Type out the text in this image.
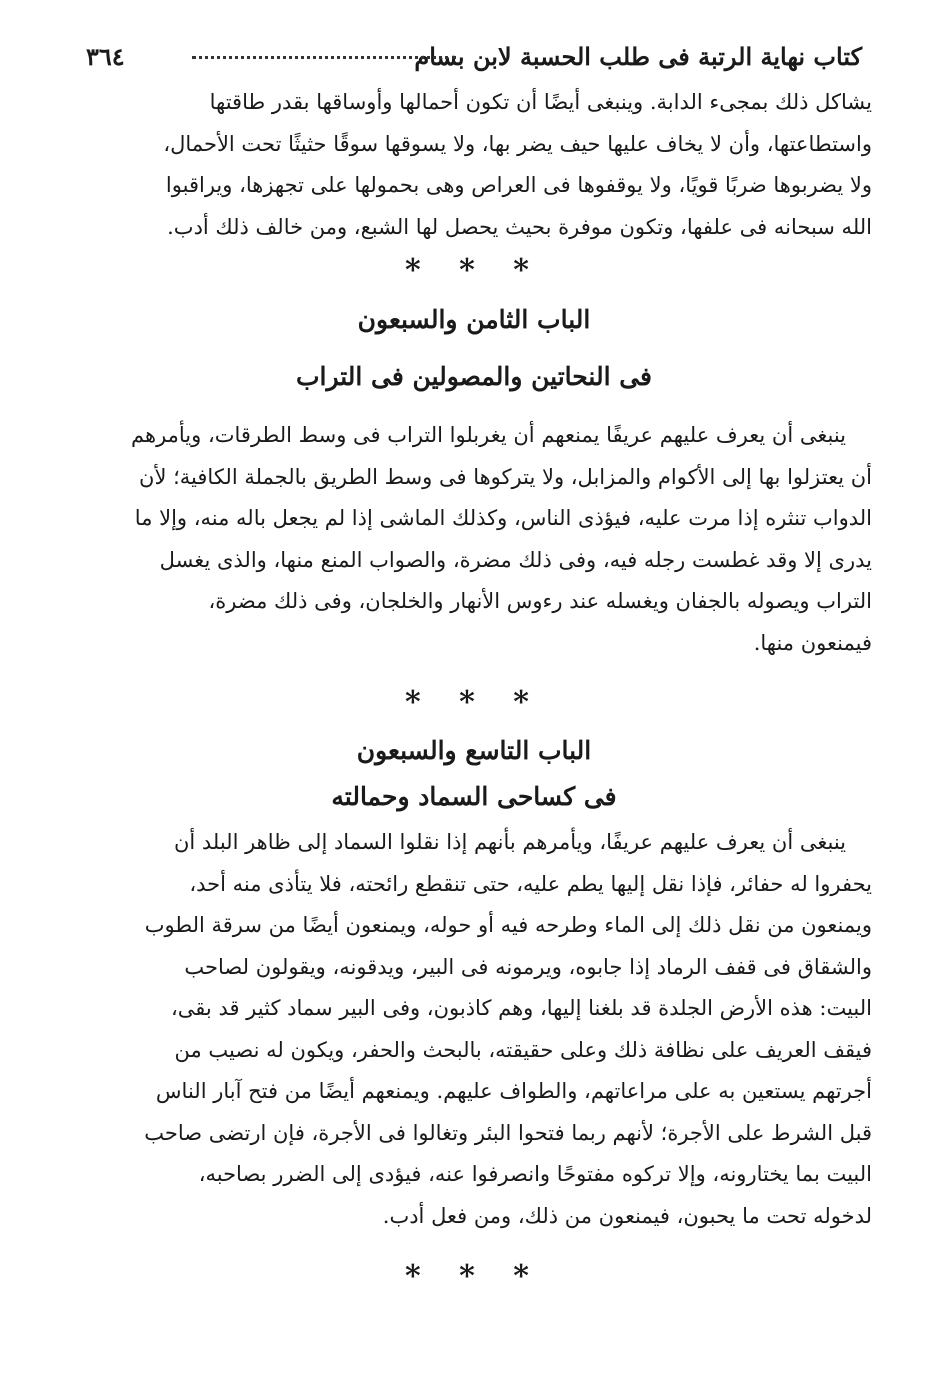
كتاب نهاية الرتبة فى طلب الحسبة لابن بسام
٣٦٤

يشاكل ذلك بمجىء الدابة. وينبغى أيضًا أن تكون أحمالها وأوساقها بقدر طاقتها

واستطاعتها، وأن لا يخاف عليها حيف يضر بها، ولا يسوقها سوقًا حثيثًا تحت الأحمال،

ولا يضربوها ضربًا قويًا، ولا يوقفوها فى العراص وهى بحمولها على تجهزها، ويراقبوا

الله سبحانه فى علفها، وتكون موفرة بحيث يحصل لها الشبع، ومن خالف ذلك أدب.

* * *
الباب الثامن والسبعون
فى النحاتين والمصولين فى التراب

ينبغى أن يعرف عليهم عريفًا يمنعهم أن يغربلوا التراب فى وسط الطرقات، ويأمرهم

أن يعتزلوا بها إلى الأكوام والمزابل، ولا يتركوها فى وسط الطريق بالجملة الكافية؛ لأن

الدواب تنثره إذا مرت عليه، فيؤذى الناس، وكذلك الماشى إذا لم يجعل باله منه، وإلا ما

يدرى إلا وقد غطست رجله فيه، وفى ذلك مضرة، والصواب المنع منها، والذى يغسل

التراب ويصوله بالجفان ويغسله عند رءوس الأنهار والخلجان، وفى ذلك مضرة،

فيمنعون منها.

* * *
الباب التاسع والسبعون
فى كساحى السماد وحمالته

ينبغى أن يعرف عليهم عريفًا، ويأمرهم بأنهم إذا نقلوا السماد إلى ظاهر البلد أن

يحفروا له حفائر، فإذا نقل إليها يطم عليه، حتى تنقطع رائحته، فلا يتأذى منه أحد،

ويمنعون من نقل ذلك إلى الماء وطرحه فيه أو حوله، ويمنعون أيضًا من سرقة الطوب

والشقاق فى قفف الرماد إذا جابوه، ويرمونه فى البير، ويدقونه، ويقولون لصاحب

البيت: هذه الأرض الجلدة قد بلغنا إليها، وهم كاذبون، وفى البير سماد كثير قد بقى،

فيقف العريف على نظافة ذلك وعلى حقيقته، بالبحث والحفر، ويكون له نصيب من

أجرتهم يستعين به على مراعاتهم، والطواف عليهم. ويمنعهم أيضًا من فتح آبار الناس

قبل الشرط على الأجرة؛ لأنهم ربما فتحوا البئر وتغالوا فى الأجرة، فإن ارتضى صاحب

البيت بما يختارونه، وإلا تركوه مفتوحًا وانصرفوا عنه، فيؤدى إلى الضرر بصاحبه،

لدخوله تحت ما يحبون، فيمنعون من ذلك، ومن فعل أدب.

* * *
